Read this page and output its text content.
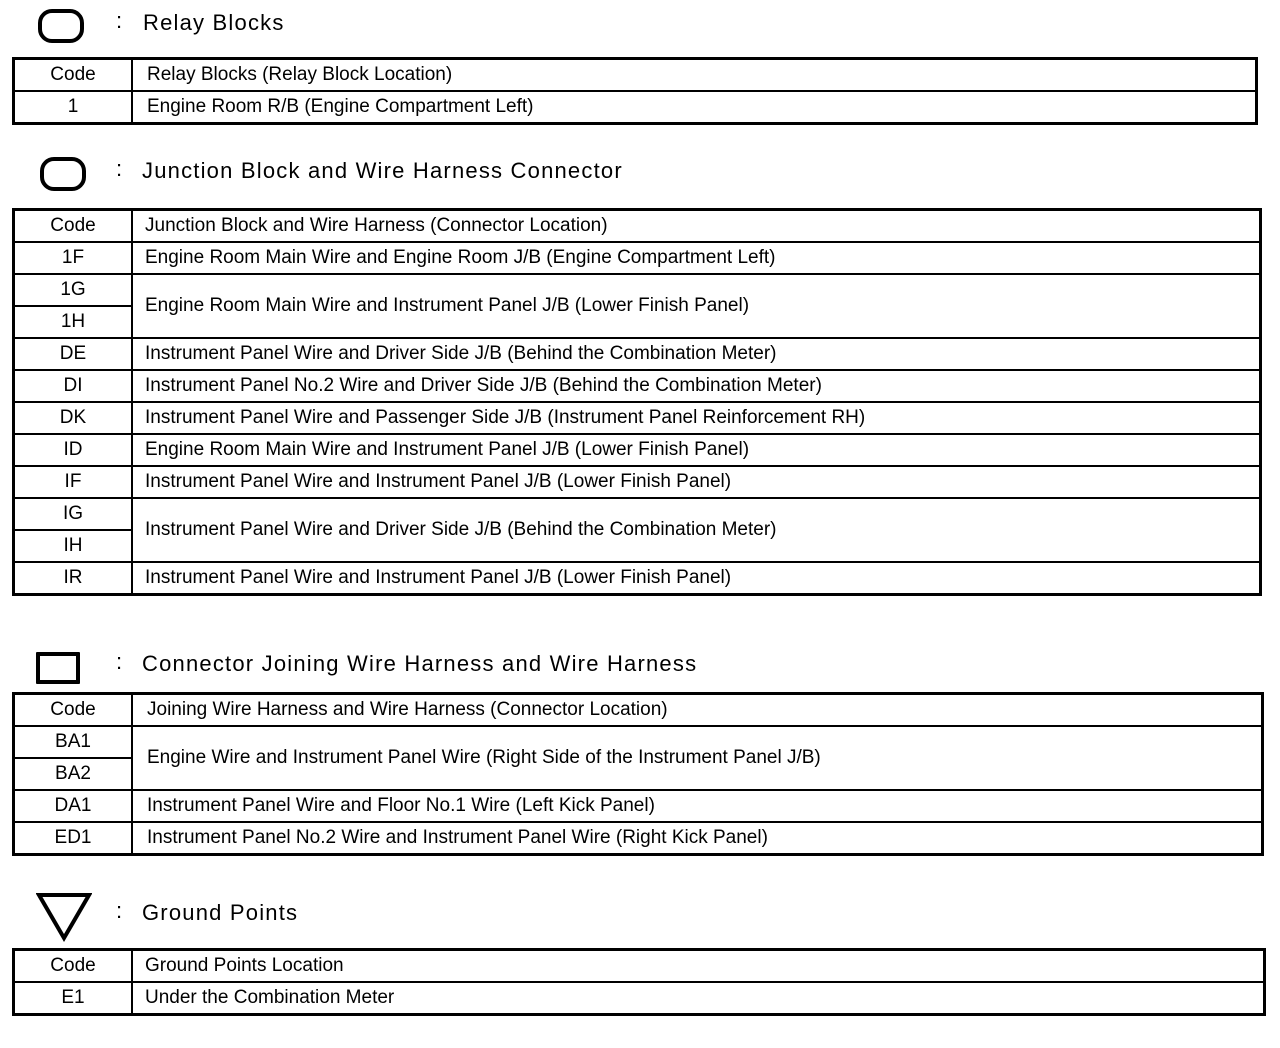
: Relay Blocks
Code	Relay Blocks (Relay Block Location)
1	Engine Room R/B (Engine Compartment Left)
: Junction Block and Wire Harness Connector
Code	Junction Block and Wire Harness (Connector Location)
1F	Engine Room Main Wire and Engine Room J/B (Engine Compartment Left)
1G	Engine Room Main Wire and Instrument Panel J/B (Lower Finish Panel)
1H	
DE	Instrument Panel Wire and Driver Side J/B (Behind the Combination Meter)
DI	Instrument Panel No.2 Wire and Driver Side J/B (Behind the Combination Meter)
DK	Instrument Panel Wire and Passenger Side J/B (Instrument Panel Reinforcement RH)
ID	Engine Room Main Wire and Instrument Panel J/B (Lower Finish Panel)
IF	Instrument Panel Wire and Instrument Panel J/B (Lower Finish Panel)
IG	Instrument Panel Wire and Driver Side J/B (Behind the Combination Meter)
IH	
IR	Instrument Panel Wire and Instrument Panel J/B (Lower Finish Panel)
: Connector Joining Wire Harness and Wire Harness
Code	Joining Wire Harness and Wire Harness (Connector Location)
BA1	Engine Wire and Instrument Panel Wire (Right Side of the Instrument Panel J/B)
BA2	
DA1	Instrument Panel Wire and Floor No.1 Wire (Left Kick Panel)
ED1	Instrument Panel No.2 Wire and Instrument Panel Wire (Right Kick Panel)
: Ground Points
Code	Ground Points Location
E1	Under the Combination Meter
